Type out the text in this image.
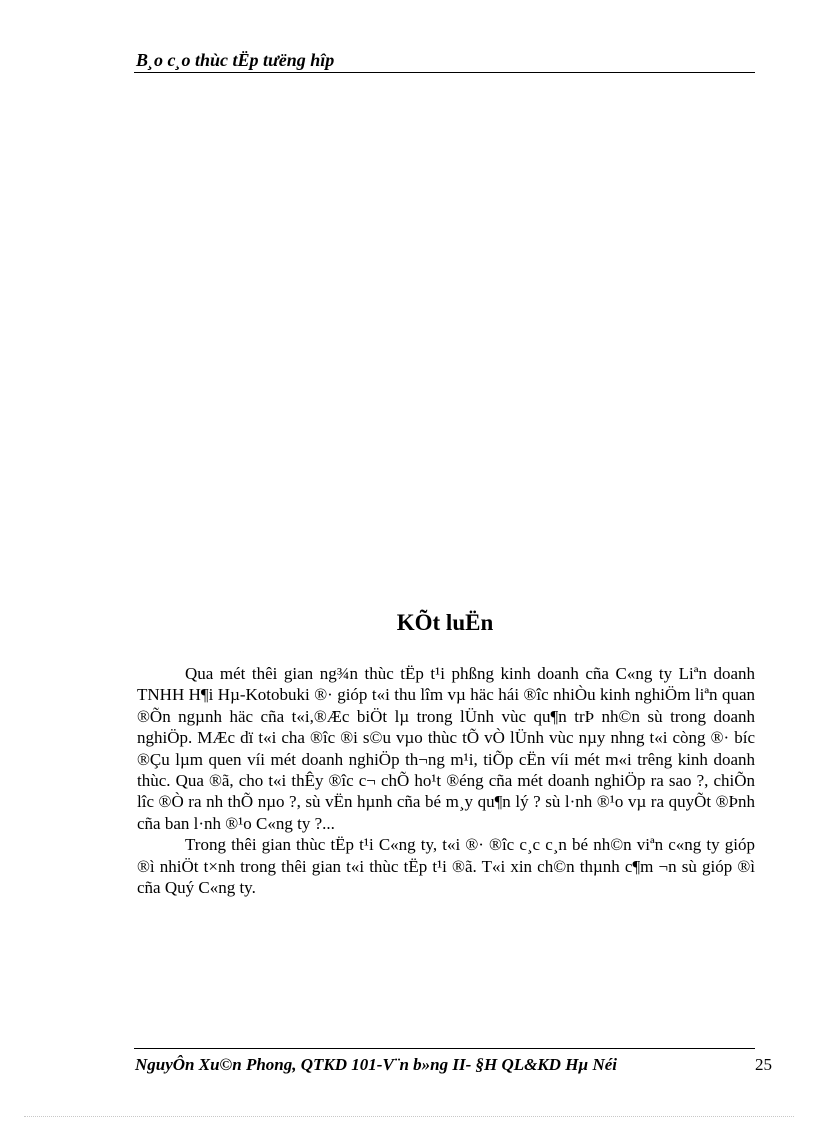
B¸o c¸o thùc tËp tưëng hîp
KÕt luËn

Qua mét thêi gian ng¾n thùc tËp t¹i phßng kinh doanh cña C«ng ty Liªn doanh TNHH H¶i Hµ-Kotobuki ®· gióp t«i thu lîm vµ häc hái ®îc nhiÒu kinh nghiÖm liªn quan ®Õn ngµnh häc cña t«i,®Æc biÖt lµ trong lÜnh vùc qu¶n trÞ nh©n sù trong doanh nghiÖp. MÆc dï t«i cha ®îc ®i s©u vµo thùc tÕ vÒ lÜnh vùc nµy nhng t«i còng ®· bíc ®Çu lµm quen víi mét doanh nghiÖp th¬ng m¹i, tiÕp cËn víi mét m«i trêng kinh doanh thùc. Qua ®ã, cho t«i thÊy ®îc c¬ chÕ ho¹t ®éng cña mét doanh nghiÖp ra sao ?, chiÕn lîc ®Ò ra nh thÕ nµo ?, sù vËn hµnh cña bé m¸y qu¶n lý ? sù l·nh ®¹o vµ ra quyÕt ®Þnh cña ban l·nh ®¹o C«ng ty ?...

Trong thêi gian thùc tËp t¹i C«ng ty, t«i ®· ®îc c¸c c¸n bé nh©n viªn c«ng ty gióp ®ì nhiÖt t×nh trong thêi gian t«i thùc tËp t¹i ®ã. T«i xin ch©n thµnh c¶m ¬n sù gióp ®ì cña Quý C«ng ty.

NguyÔn Xu©n Phong, QTKD 101-V¨n b»ng II- §H QL&KD Hµ Néi	25
